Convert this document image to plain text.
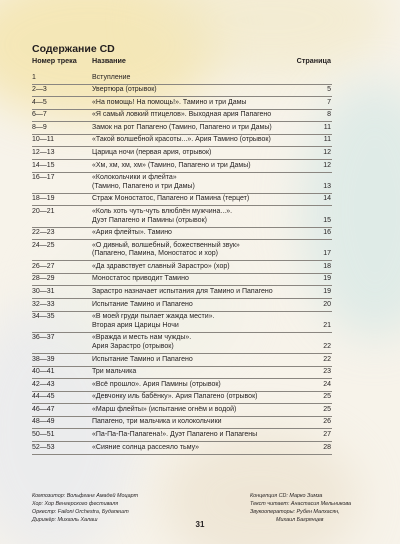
Содержание CD
Номер трека Название	Страница
1	Вступление
2—3	Увертюра (отрывок)	5
4—5	«На помощь! На помощь!». Тамино и три Дамы	7
6—7	«Я самый ловкий птицелов». Выходная ария Папагено	8
8—9	Замок на рот Папагено (Тамино, Папагено и три Дамы)	11
10—11	«Такой волшебной красоты...». Ария Тамино (отрывок)	11
12—13	Царица ночи (первая ария, отрывок)	12
14—15	«Хм, хм, хм, хм» (Тамино, Папагено и три Дамы)	12
16—17	«Колокольчики и флейта»
(Тамино, Папагено и три Дамы)	13
18—19	Страж Моностатос, Папагено и Памина (терцет)	14
20—21	«Коль хоть чуть-чуть влюблён мужчина...».
Дуэт Папагено и Памины (отрывок)	15
22—23	«Ария флейты». Тамино	16
24—25	«О дивный, волшебный, божественный звук»
(Папагено, Памина, Моностатос и хор)	17
26—27	«Да здравствует славный Зарастро» (хор)	18
28—29	Моностатос приводит Тамино	19
30—31	Зарастро назначает испытания для Тамино и Папагено	19
32—33	Испытание Тамино и Папагено	20
34—35	«В моей груди пылает жажда мести».
Вторая ария Царицы Ночи	21
36—37	«Вражда и месть нам чужды».
Ария Зарастро (отрывок)	22
38—39	Испытание Тамино и Папагено	22
40—41	Три мальчика	23
42—43	«Всё прошло». Ария Памины (отрывок)	24
44—45	«Девчонку иль бабёнку». Ария Папагено (отрывок)	25
46—47	«Марш флейты» (испытание огнём и водой)	25
48—49	Папагено, три мальчика и колокольчики	26
50—51	«Па-Па-Па-Папагена!». Дуэт Папагено и Папагены	27
52—53	«Сияние солнца рассеяло тьму»	28
Композитор: Вольфганг Амадей Моцарт
Хор: Хор Венгерского фестиваля
Оркестр: Failoni Orchestra, Будапешт
Дирижёр: Михаэль Халаш
Концепция CD: Марко Зимза
Текст читает: Анастасия Мельникова
Звукооператоры: Рубен Малхасян,
Михаил Багрянцев
31
